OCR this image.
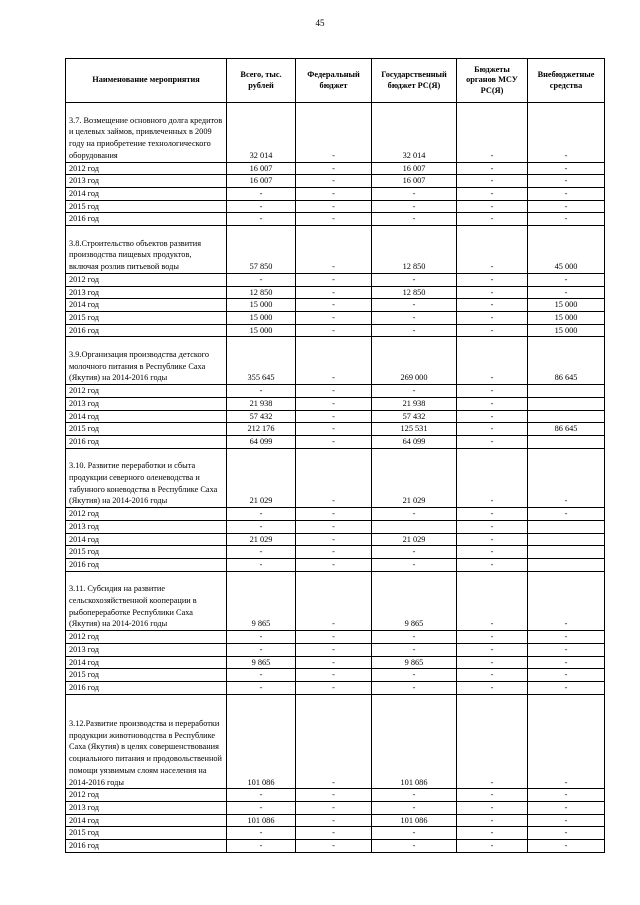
45
Наименование мероприятия	Всего, тыс. рублей	Федеральный бюджет	Государственный бюджет РС(Я)	Бюджеты органов МСУ РС(Я)	Внебюджетные средства
3.7. Возмещение основного долга кредитов и целевых займов, привлеченных в 2009 году на приобретение технологического оборудования	32 014	-	32 014	-	-
2012 год	16 007	-	16 007	-	-
2013 год	16 007	-	16 007	-	-
2014 год	-	-	-	-	-
2015 год	-	-	-	-	-
2016 год	-	-	-	-	-
3.8.Строительство объектов развития производства пищевых продуктов, включая розлив питьевой воды	57 850	-	12 850	-	45 000
2012 год	-	-	-	-	-
2013 год	12 850	-	12 850	-	-
2014 год	15 000	-	-	-	15 000
2015 год	15 000	-	-	-	15 000
2016 год	15 000	-	-	-	15 000
3.9.Организация производства детского молочного питания в Республике Саха (Якутия) на 2014-2016 годы	355 645	-	269 000	-	86 645
2012 год	-	-	-	-	
2013 год	21 938	-	21 938	-	
2014 год	57 432	-	57 432	-	
2015 год	212 176	-	125 531	-	86 645
2016 год	64 099	-	64 099	-	
3.10. Развитие переработки и сбыта продукции северного оленеводства и табунного коневодства в Республике Саха (Якутия) на 2014-2016 годы	21 029	-	21 029	-	-
2012 год	-	-	-	-	-
2013 год	-	-		-	
2014 год	21 029	-	21 029	-	
2015 год	-	-	-	-	
2016 год	-	-	-	-	
3.11. Субсидия на развитие сельскохозяйственной кооперации в рыбопереработке Республики Саха (Якутия) на 2014-2016 годы	9 865	-	9 865	-	-
2012 год	-	-	-	-	-
2013 год	-	-	-	-	-
2014 год	9 865	-	9 865	-	-
2015 год	-	-	-	-	-
2016 год	-	-	-	-	-
3.12.Развитие производства и переработки продукции животноводства в Республике Саха (Якутия) в целях совершенствования социального питания и продовольственной помощи уязвимым слоям населения на 2014-2016 годы	101 086	-	101 086	-	-
2012 год	-	-	-	-	-
2013 год	-	-	-	-	-
2014 год	101 086	-	101 086	-	-
2015 год	-	-	-	-	-
2016 год	-	-	-	-	-
